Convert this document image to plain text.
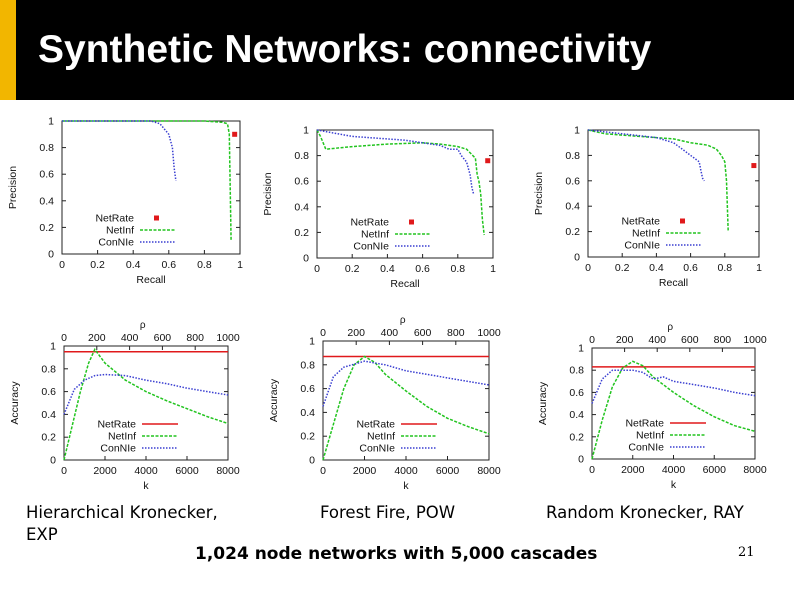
Synthetic Networks: connectivity
0
0.2
0.4
0.6
0.8
1
0 0.2 0.4 0.6 0.8 1
Recall
Precision
NetRate
NetInf
ConNIe
0
0.2
0.4
0.6
0.8
1
0 0.2 0.4 0.6 0.8 1
Recall
Precision
NetRate
NetInf
ConNIe
0
0.2
0.4
0.6
0.8
1
0 0.2 0.4 0.6 0.8 1
Recall
Precision
NetRate
NetInf
ConNIe
0
0.2
0.4
0.6
0.8
1
0	2000 4000 6000 8000
0 200 400 600 800 1000
ρ
k
Accuracy	NetRate
NetInf
ConNIe
0
0.2
0.4
0.6
0.8
1
0	2000 4000 6000 8000
0 200 400 600 800 1000
ρ
k
Accuracy
NetRate
NetInf
ConNIe
0
0.2
0.4
0.6
0.8
1
0 2000 4000 6000 8000
0 200 400 600 800 1000
ρ
k
Accuracy	NetRate
NetInf
ConNIe
Hierarchical Kronecker,
EXP
Forest Fire, POW	Random Kronecker, RAY
1,024 node networks with 5,000 cascades	21
